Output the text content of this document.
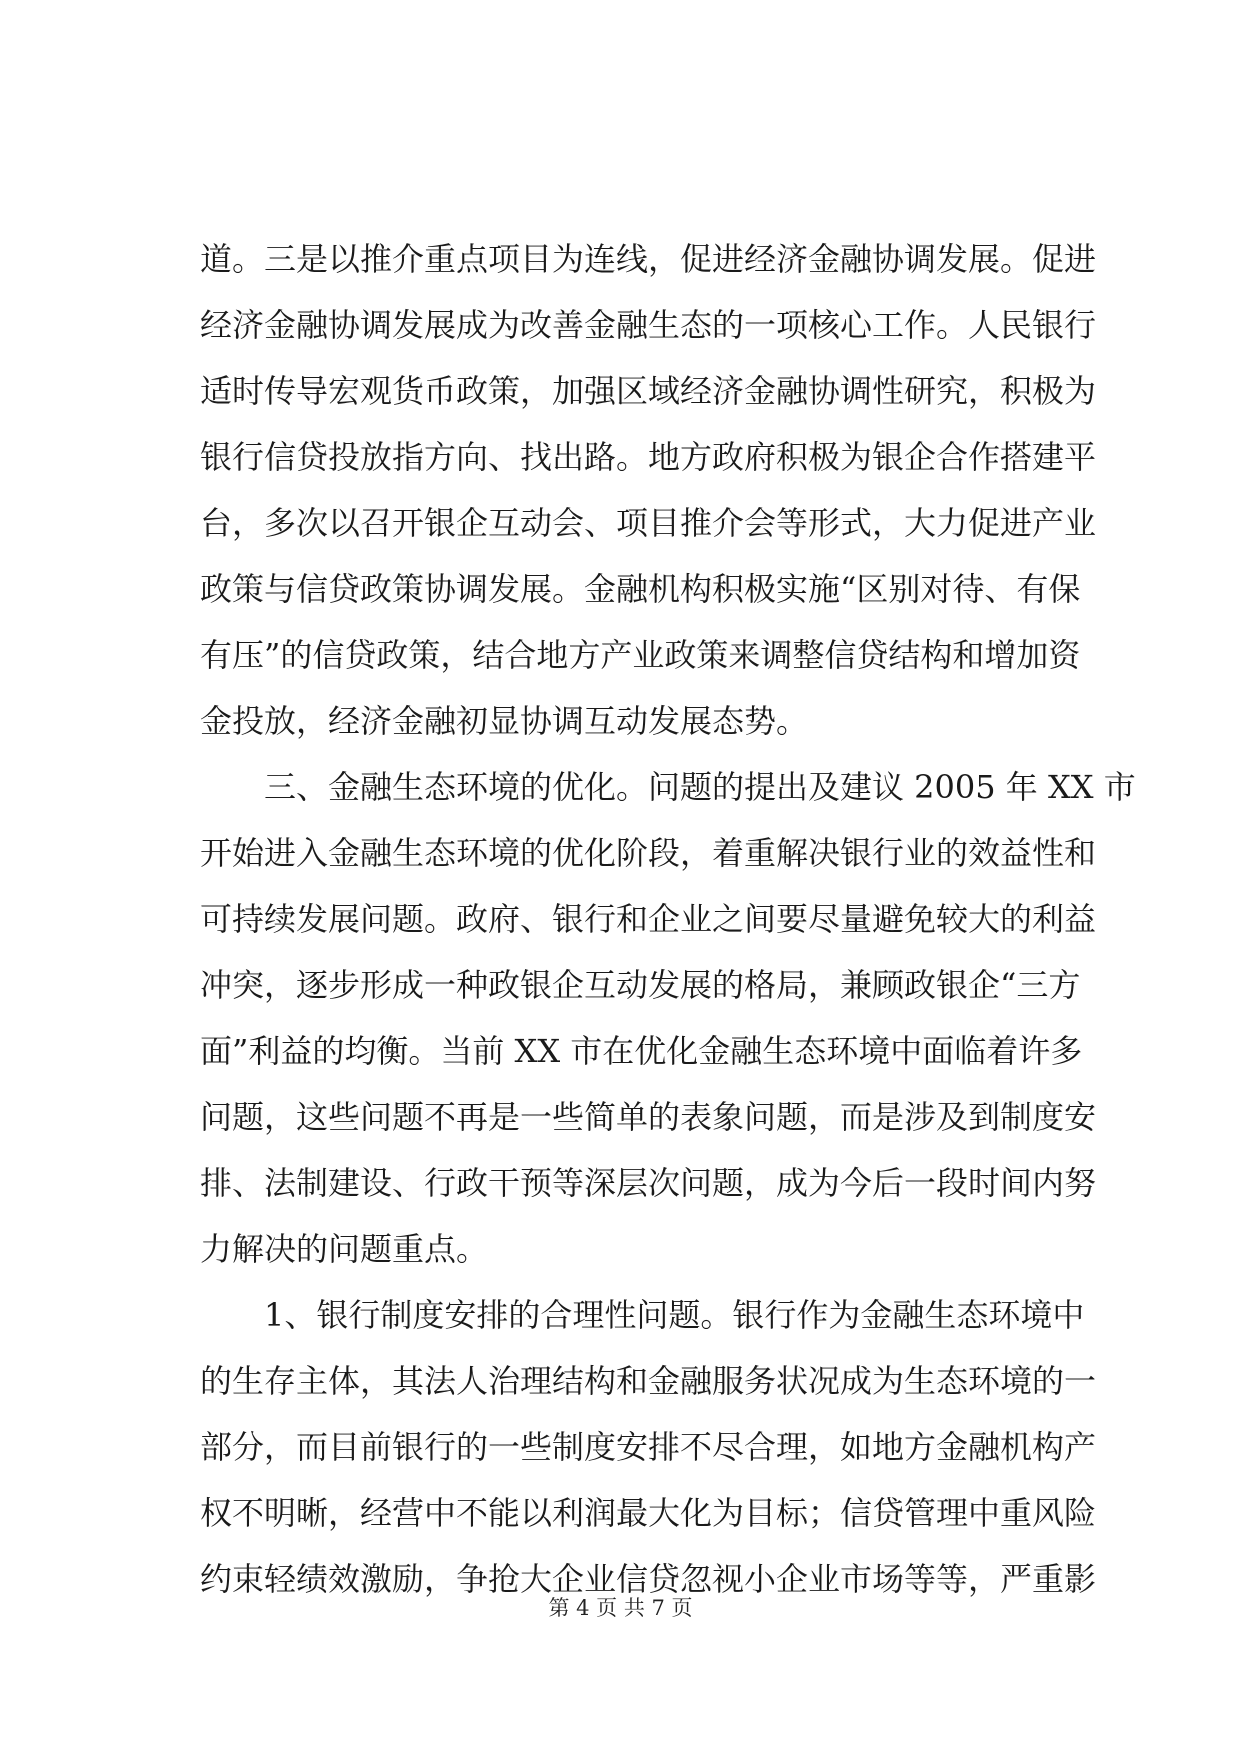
道。三是以推介重点项目为连线，促进经济金融协调发展。促进
经济金融协调发展成为改善金融生态的一项核心工作。人民银行
适时传导宏观货币政策，加强区域经济金融协调性研究，积极为
银行信贷投放指方向、找出路。地方政府积极为银企合作搭建平
台，多次以召开银企互动会、项目推介会等形式，大力促进产业
政策与信贷政策协调发展。金融机构积极实施“区别对待、有保
有压”的信贷政策，结合地方产业政策来调整信贷结构和增加资
金投放，经济金融初显协调互动发展态势。
三、金融生态环境的优化。问题的提出及建议 2005 年 XX 市
开始进入金融生态环境的优化阶段，着重解决银行业的效益性和
可持续发展问题。政府、银行和企业之间要尽量避免较大的利益
冲突，逐步形成一种政银企互动发展的格局，兼顾政银企“三方
面”利益的均衡。当前 XX 市在优化金融生态环境中面临着许多
问题，这些问题不再是一些简单的表象问题，而是涉及到制度安
排、法制建设、行政干预等深层次问题，成为今后一段时间内努
力解决的问题重点。
1、银行制度安排的合理性问题。银行作为金融生态环境中
的生存主体，其法人治理结构和金融服务状况成为生态环境的一
部分，而目前银行的一些制度安排不尽合理，如地方金融机构产
权不明晰，经营中不能以利润最大化为目标；信贷管理中重风险
约束轻绩效激励，争抢大企业信贷忽视小企业市场等等，严重影
第 4 页 共 7 页
